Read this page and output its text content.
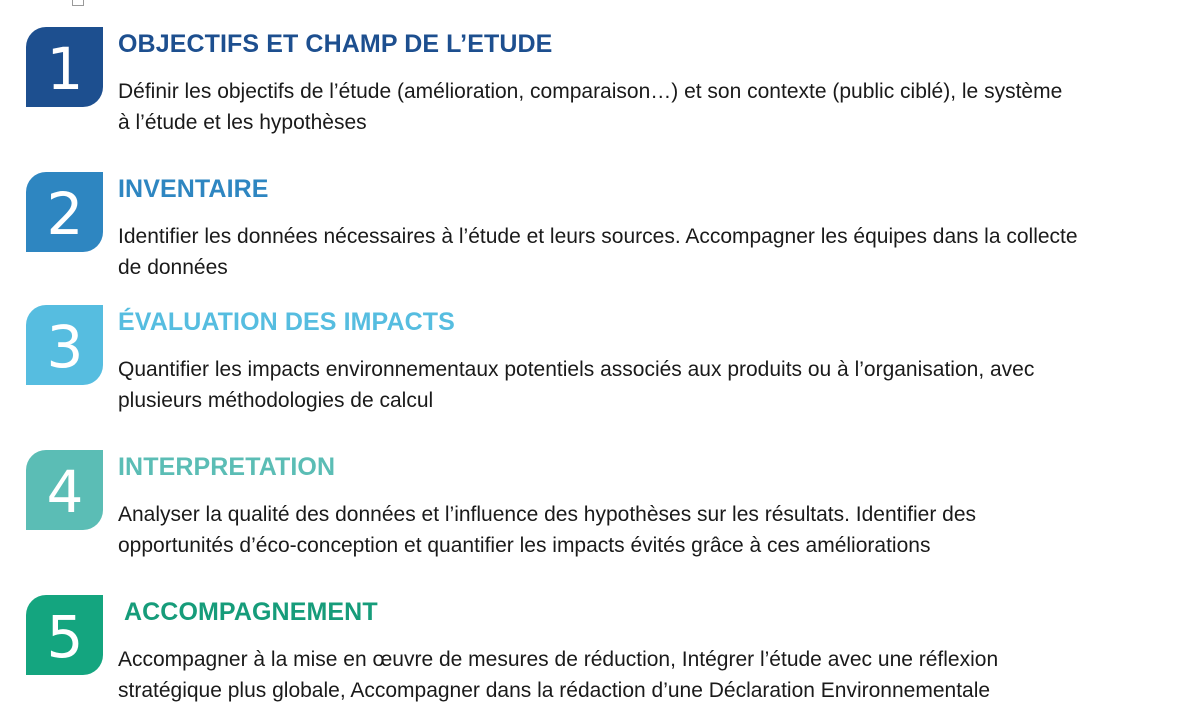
1 OBJECTIFS ET CHAMP DE L’ETUDE

Définir les objectifs de l’étude (amélioration, comparaison…) et son contexte (public ciblé), le système à l’étude et les hypothèses

2 INVENTAIRE

Identifier les données nécessaires à l’étude et leurs sources. Accompagner les équipes dans la collecte de données

3 ÉVALUATION DES IMPACTS

Quantifier les impacts environnementaux potentiels associés aux produits ou à l’organisation, avec plusieurs méthodologies de calcul

4 INTERPRETATION

Analyser la qualité des données et l’influence des hypothèses sur les résultats. Identifier des opportunités d’éco-conception et quantifier les impacts évités grâce à ces améliorations

5 ACCOMPAGNEMENT

Accompagner à la mise en œuvre de mesures de réduction, Intégrer l’étude avec une réflexion stratégique plus globale, Accompagner dans la rédaction d’une Déclaration Environnementale
